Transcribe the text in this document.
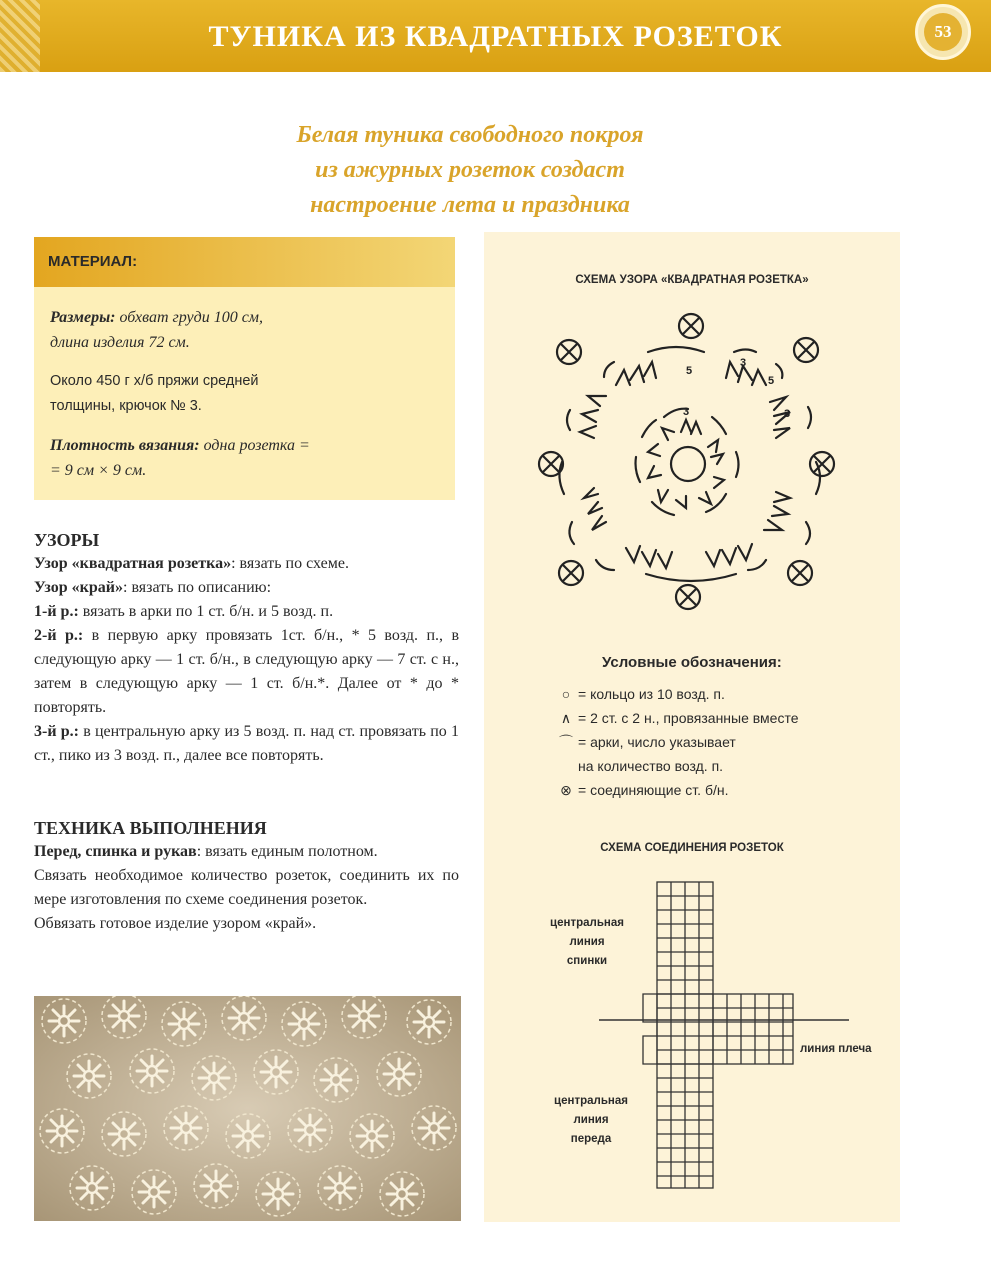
ТУНИКА ИЗ КВАДРАТНЫХ РОЗЕТОК	53
Белая туника свободного покроя
из ажурных розеток создаст
настроение лета и праздника
МАТЕРИАЛ:

Размеры: обхват груди 100 см,
длина изделия 72 см.

Около 450 г х/б пряжи средней
толщины, крючок № 3.

Плотность вязания: одна розетка =
= 9 см × 9 см.

УЗОРЫ
Узор «квадратная розетка»: вязать по схеме.
Узор «край»: вязать по описанию:
1-й р.: вязать в арки по 1 ст. б/н. и 5 возд. п.
2-й р.: в первую арку провязать 1ст. б/н., * 5 возд. п., в следующую арку — 1 ст. б/н., в следующую арку — 7 ст. с н., затем в следующую арку — 1 ст. б/н.*. Далее от * до * повторять.
3-й р.: в центральную арку из 5 возд. п. над ст. провязать по 1 ст., пико из 3 возд. п., далее все повторять.
ТЕХНИКА ВЫПОЛНЕНИЯ
Перед, спинка и рукав: вязать единым полотном.
Связать необходимое количество розеток, соединить их по мере изготовления по схеме соединения розеток.
Обвязать готовое изделие узором «край».
СХЕМА УЗОРА «КВАДРАТНАЯ РОЗЕТКА»
5
3
5
3	3
Условные обозначения:
○ = кольцо из 10 возд. п.
∧ = 2 ст. с 2 н., провязанные вместе
⌒ = арки, число указывает
на количество возд. п.
⊗ = соединяющие ст. б/н.
СХЕМА СОЕДИНЕНИЯ РОЗЕТОК
центральная
линия
спинки
линия плеча
центральная
линия
переда
